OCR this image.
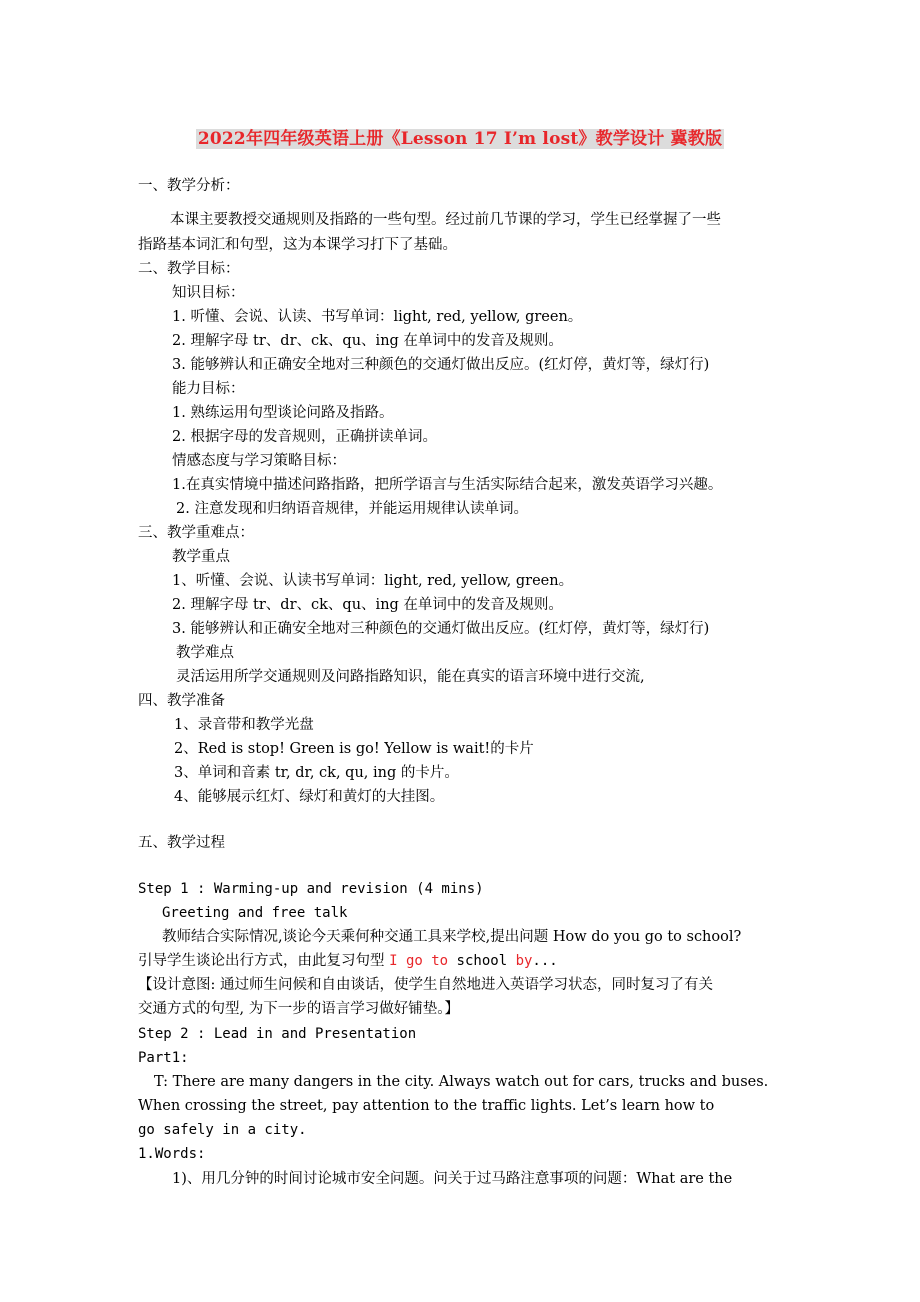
2022年四年级英语上册《Lesson 17 I’m lost》教学设计 冀教版
一、教学分析：
本课主要教授交通规则及指路的一些句型。经过前几节课的学习，学生已经掌握了一些
指路基本词汇和句型，这为本课学习打下了基础。
二、教学目标：
知识目标：
1. 听懂、会说、认读、书写单词：light, red, yellow, green。
2. 理解字母 tr、dr、ck、qu、ing 在单词中的发音及规则。
3. 能够辨认和正确安全地对三种颜色的交通灯做出反应。(红灯停，黄灯等，绿灯行)
能力目标：
1. 熟练运用句型谈论问路及指路。
2. 根据字母的发音规则，正确拼读单词。
情感态度与学习策略目标：
1.在真实情境中描述问路指路，把所学语言与生活实际结合起来，激发英语学习兴趣。
2. 注意发现和归纳语音规律，并能运用规律认读单词。
三、教学重难点：
教学重点
1、听懂、会说、认读书写单词：light, red, yellow, green。
2. 理解字母 tr、dr、ck、qu、ing 在单词中的发音及规则。
3. 能够辨认和正确安全地对三种颜色的交通灯做出反应。(红灯停，黄灯等，绿灯行)
教学难点
灵活运用所学交通规则及问路指路知识，能在真实的语言环境中进行交流,
四、教学准备
1、录音带和教学光盘
2、Red is stop! Green is go! Yellow is wait!的卡片
3、单词和音素 tr, dr, ck, qu, ing 的卡片。
4、能够展示红灯、绿灯和黄灯的大挂图。
五、教学过程
Step 1 : Warming-up and revision (4 mins)
Greeting and free talk
教师结合实际情况,谈论今天乘何种交通工具来学校,提出问题 How do you go to school?
引导学生谈论出行方式，由此复习句型 I go to school by...
【设计意图: 通过师生问候和自由谈话，使学生自然地进入英语学习状态，同时复习了有关
交通方式的句型, 为下一步的语言学习做好铺垫。】
Step 2 : Lead in and Presentation
Part1:
T: There are many dangers in the city. Always watch out for cars, trucks and buses.
When crossing the street, pay attention to the traffic lights. Let’s learn how to
go safely in a city.
1.Words:
1)、用几分钟的时间讨论城市安全问题。问关于过马路注意事项的问题：What are the
